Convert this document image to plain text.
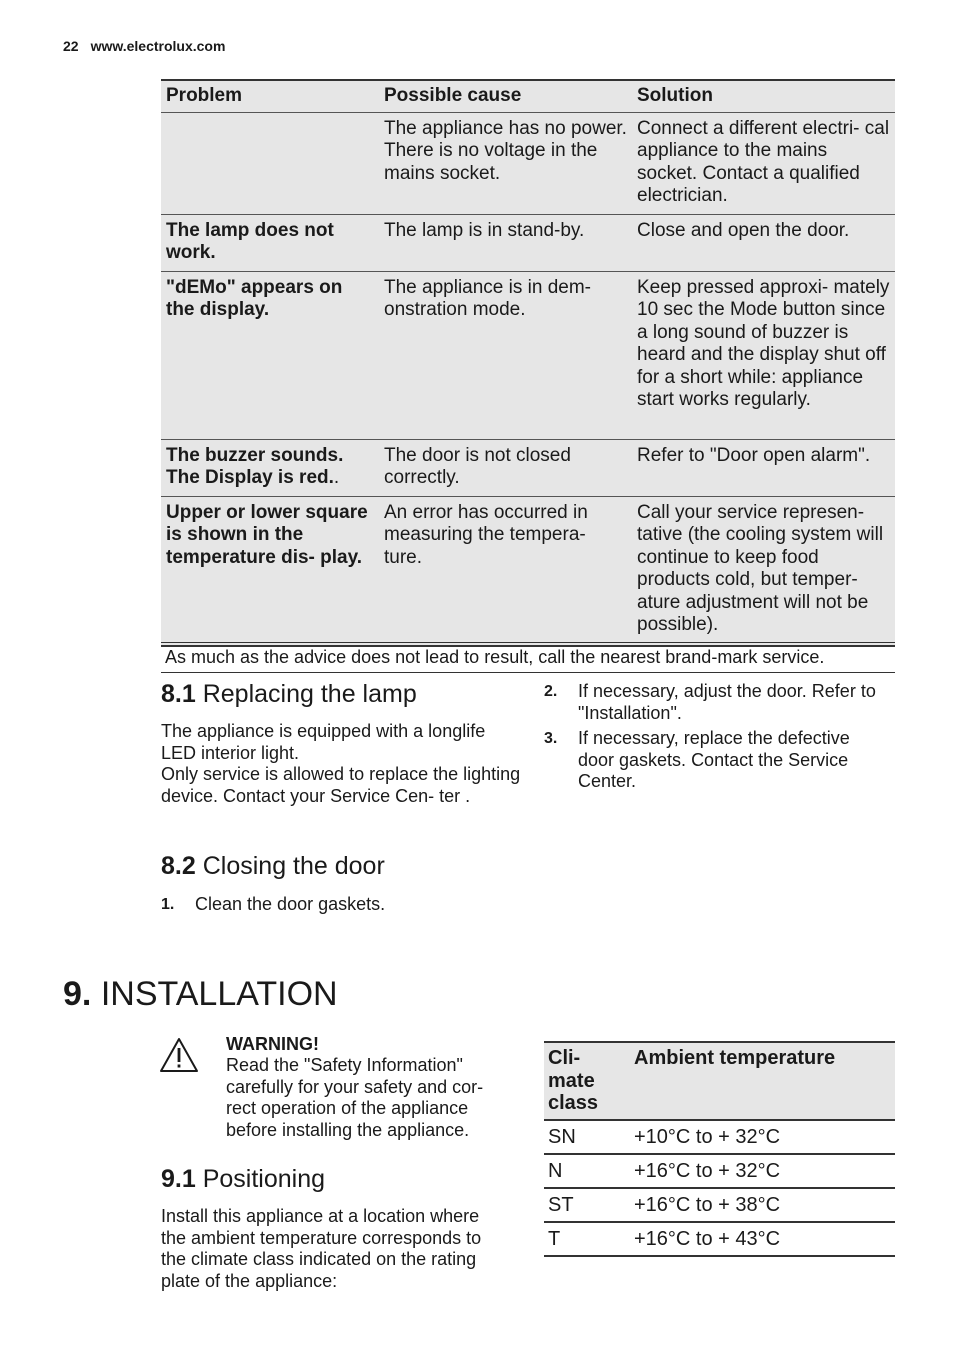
22 www.electrolux.com
Problem	Possible cause	Solution
	The appliance has no power. There is no voltage in the mains socket.	Connect a different electri- cal appliance to the mains socket. Contact a qualified electrician.
The lamp does not work.	The lamp is in stand-by.	Close and open the door.
"dEMo" appears on the display.	The appliance is in dem- onstration mode.	Keep pressed approxi- mately 10 sec the Mode button since a long sound of buzzer is heard and the display shut off for a short while: appliance start works regularly.
The buzzer sounds. The Display is red..	The door is not closed correctly.	Refer to "Door open alarm".
Upper or lower square is shown in the temperature dis- play.	An error has occurred in measuring the tempera- ture.	Call your service represen- tative (the cooling system will continue to keep food products cold, but temper- ature adjustment will not be possible).
As much as the advice does not lead to result, call the nearest brand-mark service.
8.1 Replacing the lamp
The appliance is equipped with a longlife LED interior light.
Only service is allowed to replace the lighting device. Contact your Service Cen- ter .
8.2 Closing the door
1. Clean the door gaskets.
2. If necessary, adjust the door. Refer to "Installation".
3. If necessary, replace the defective door gaskets. Contact the Service Center.
9. INSTALLATION
WARNING!
Read the "Safety Information" carefully for your safety and cor- rect operation of the appliance before installing the appliance.
9.1 Positioning
Install this appliance at a location where the ambient temperature corresponds to the climate class indicated on the rating plate of the appliance:
Cli- mate class	Ambient temperature
SN	+10°C to + 32°C
N	+16°C to + 32°C
ST	+16°C to + 38°C
T	+16°C to + 43°C
